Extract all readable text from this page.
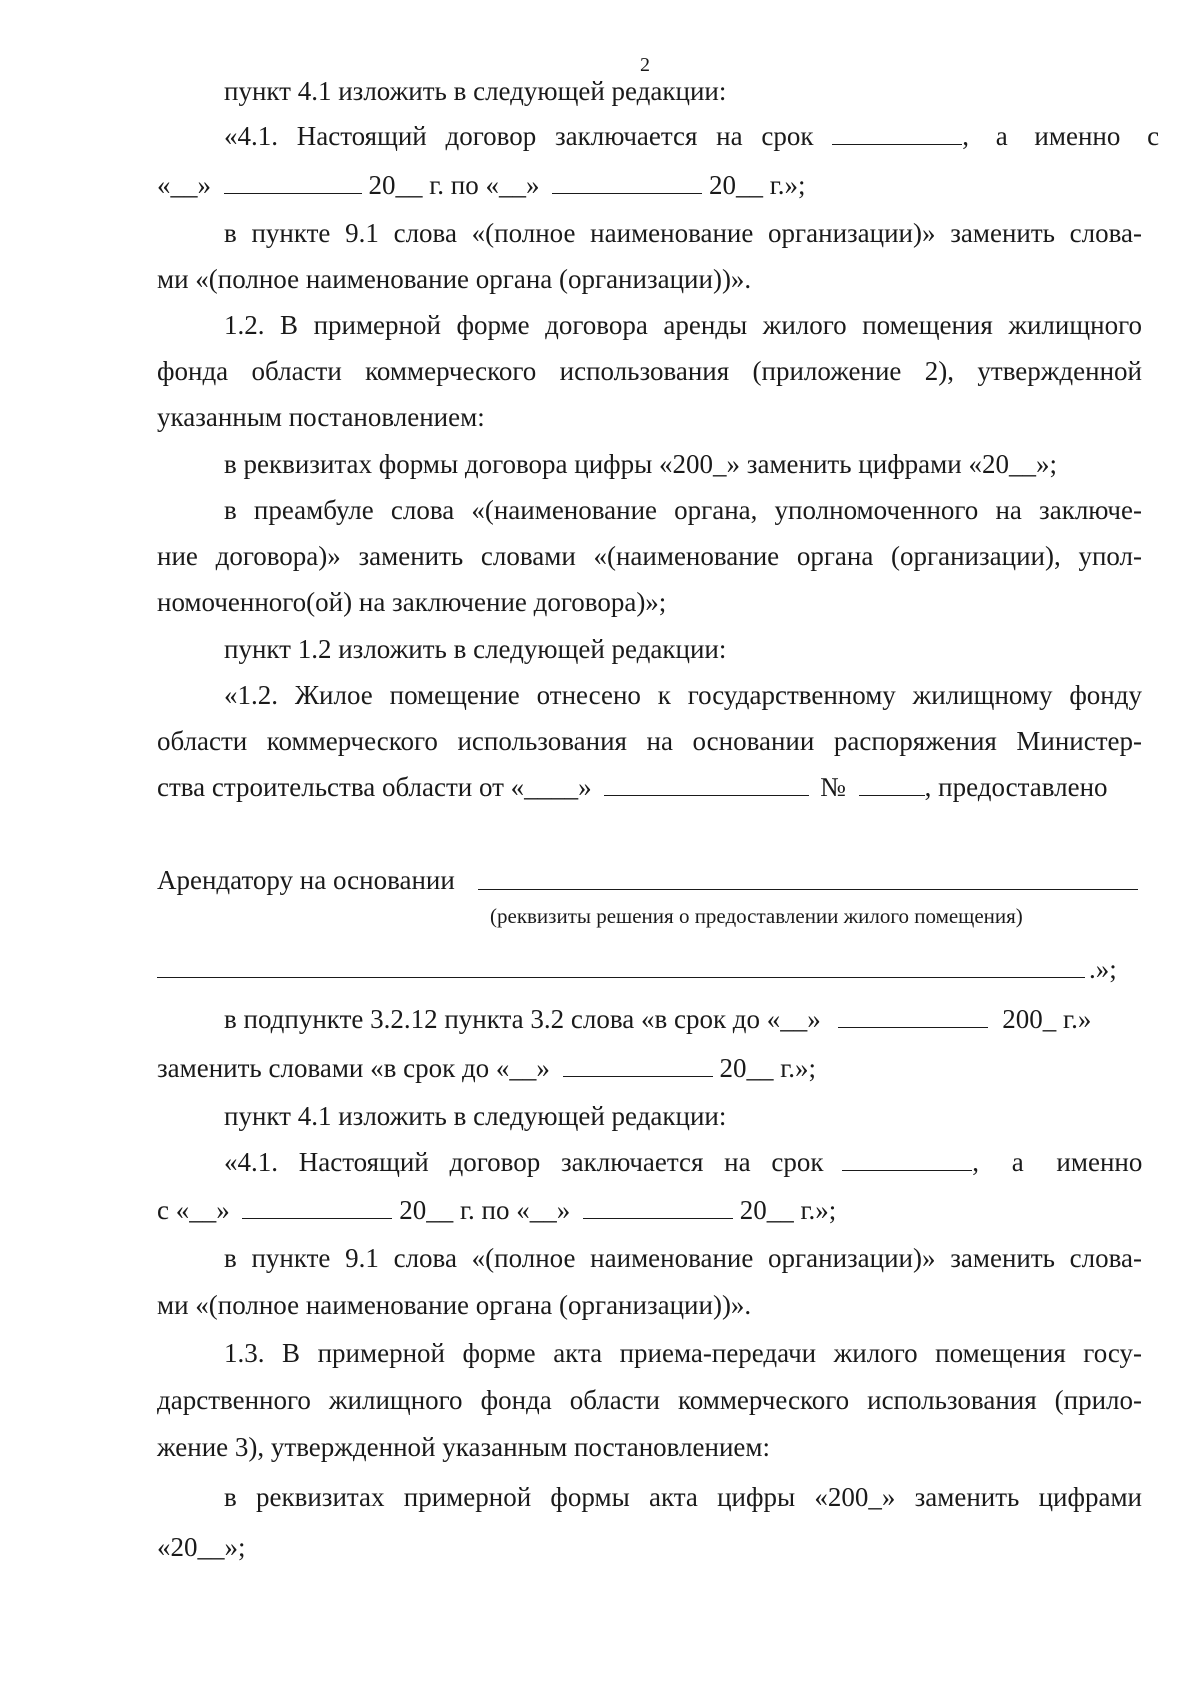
2
пункт 4.1 изложить в следующей редакции:
«4.1. Настоящий договор заключается на срок	, а именно с
«__»	20__ г. по «__»	20__ г.»;
в пункте 9.1 слова «(полное наименование организации)» заменить слова-
ми «(полное наименование органа (организации))».
1.2. В примерной форме договора аренды жилого помещения жилищного
фонда области коммерческого использования (приложение 2), утвержденной
указанным постановлением:
в реквизитах формы договора цифры «200_» заменить цифрами «20__»;
в преамбуле слова «(наименование органа, уполномоченного на заключе-
ние договора)» заменить словами «(наименование органа (организации), упол-
номоченного(ой) на заключение договора)»;
пункт 1.2 изложить в следующей редакции:
«1.2. Жилое помещение отнесено к государственному жилищному фонду
области коммерческого использования на основании распоряжения Министер-
ства строительства области от «____»	№	, предоставлено
Арендатору на основании
(реквизиты решения о предоставлении жилого помещения)
.»;
в подпункте 3.2.12 пункта 3.2 слова «в срок до «__»	200_ г.»
заменить словами «в срок до «__»	20__ г.»;
пункт 4.1 изложить в следующей редакции:
«4.1. Настоящий договор заключается на срок	, а именно
с «__»	20__ г. по «__»	20__ г.»;
в пункте 9.1 слова «(полное наименование организации)» заменить слова-
ми «(полное наименование органа (организации))».
1.3. В примерной форме акта приема-передачи жилого помещения госу-
дарственного жилищного фонда области коммерческого использования (прило-
жение 3), утвержденной указанным постановлением:
в реквизитах примерной формы акта цифры «200_» заменить цифрами
«20__»;
